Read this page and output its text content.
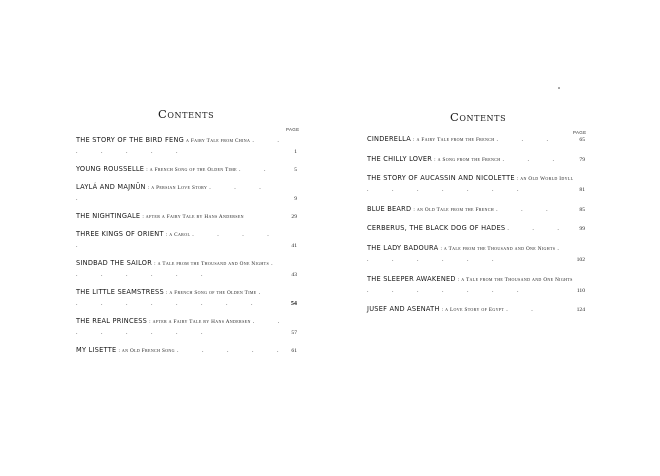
Contents
PAGE
THE STORY OF THE BIRD FENG a Fairy Tale from China . . . . . . .	1
YOUNG ROUSSELLE : a French Song of the Olden Time . .	5
LAYLÁ AND MAJNŪN : a Persian Love Story . . . .	9
THE NIGHTINGALE : after a Fairy Tale by Hans Andersen	29
THREE KINGS OF ORIENT : a Carol . . . . .	41
SINDBAD THE SAILOR : a Tale from the Thousand and One Nights . . . . . . .	43
THE LITTLE SEAMSTRESS : a French Song of the Olden Time . . . . . . . . .	54
THE REAL PRINCESS : after a Fairy Tale by Hans Andersen . . . . . . . .	57
MY LISETTE : an Old French Song . . . . . 61
Contents
PAGE
CINDERELLA : a Fairy Tale from the French . . .	65
THE CHILLY LOVER : a Song from the French . . .	79
THE STORY OF AUCASSIN AND NICOLETTE : an Old World Idyll . . . . . . .	81
BLUE BEARD : an Old Tale from the French . . .	85
CERBERUS, THE BLACK DOG OF HADES . . . 99
THE LADY BADOURA : a Tale from the Thousand and One Nights . . . . . . .	102
THE SLEEPER AWAKENED : a Tale from the Thousand and One Nights . . . . . . .	110
JUSEF AND ASENATH : a Love Story of Egypt . .	124
